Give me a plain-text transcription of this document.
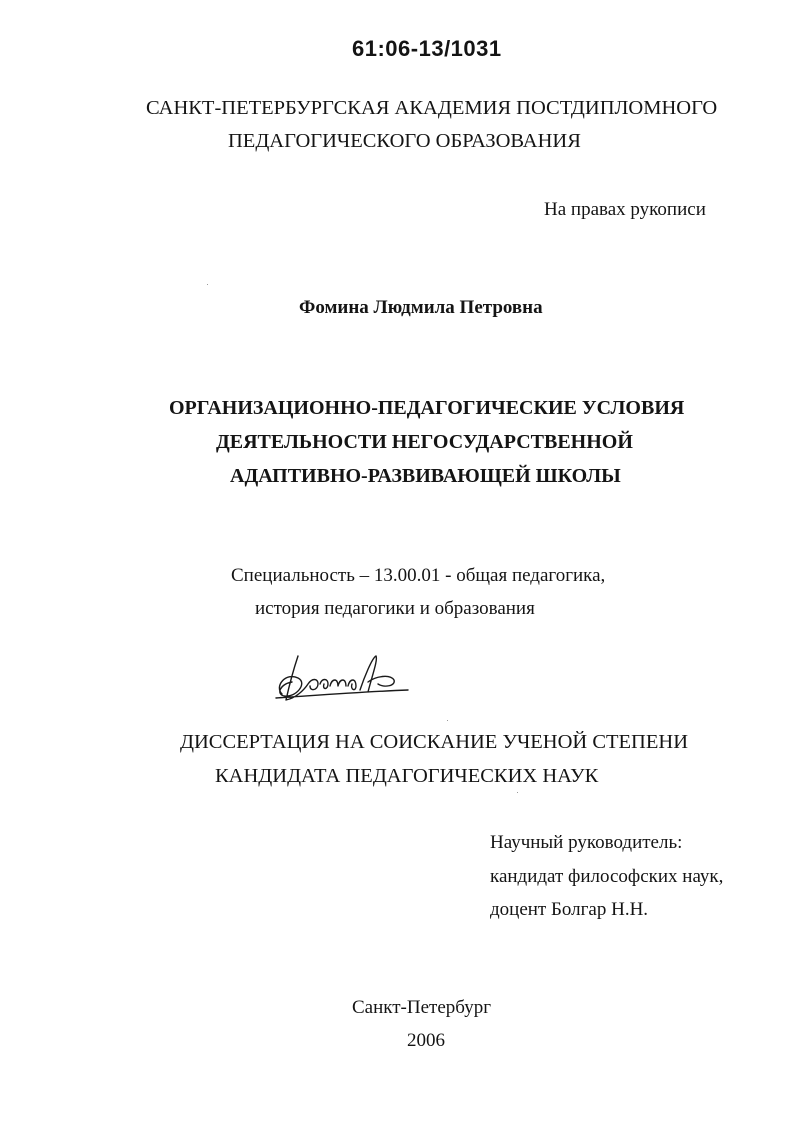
61:06-13/1031
САНКТ-ПЕТЕРБУРГСКАЯ АКАДЕМИЯ ПОСТДИПЛОМНОГО
ПЕДАГОГИЧЕСКОГО ОБРАЗОВАНИЯ
На правах рукописи
Фомина Людмила Петровна
ОРГАНИЗАЦИОННО-ПЕДАГОГИЧЕСКИЕ УСЛОВИЯ
ДЕЯТЕЛЬНОСТИ НЕГОСУДАРСТВЕННОЙ
АДАПТИВНО-РАЗВИВАЮЩЕЙ ШКОЛЫ
Специальность – 13.00.01 - общая педагогика,
история педагогики и образования
ДИССЕРТАЦИЯ НА СОИСКАНИЕ УЧЕНОЙ СТЕПЕНИ
КАНДИДАТА ПЕДАГОГИЧЕСКИХ НАУК
Научный руководитель:
кандидат философских наук,
доцент Болгар Н.Н.
Санкт-Петербург
2006
